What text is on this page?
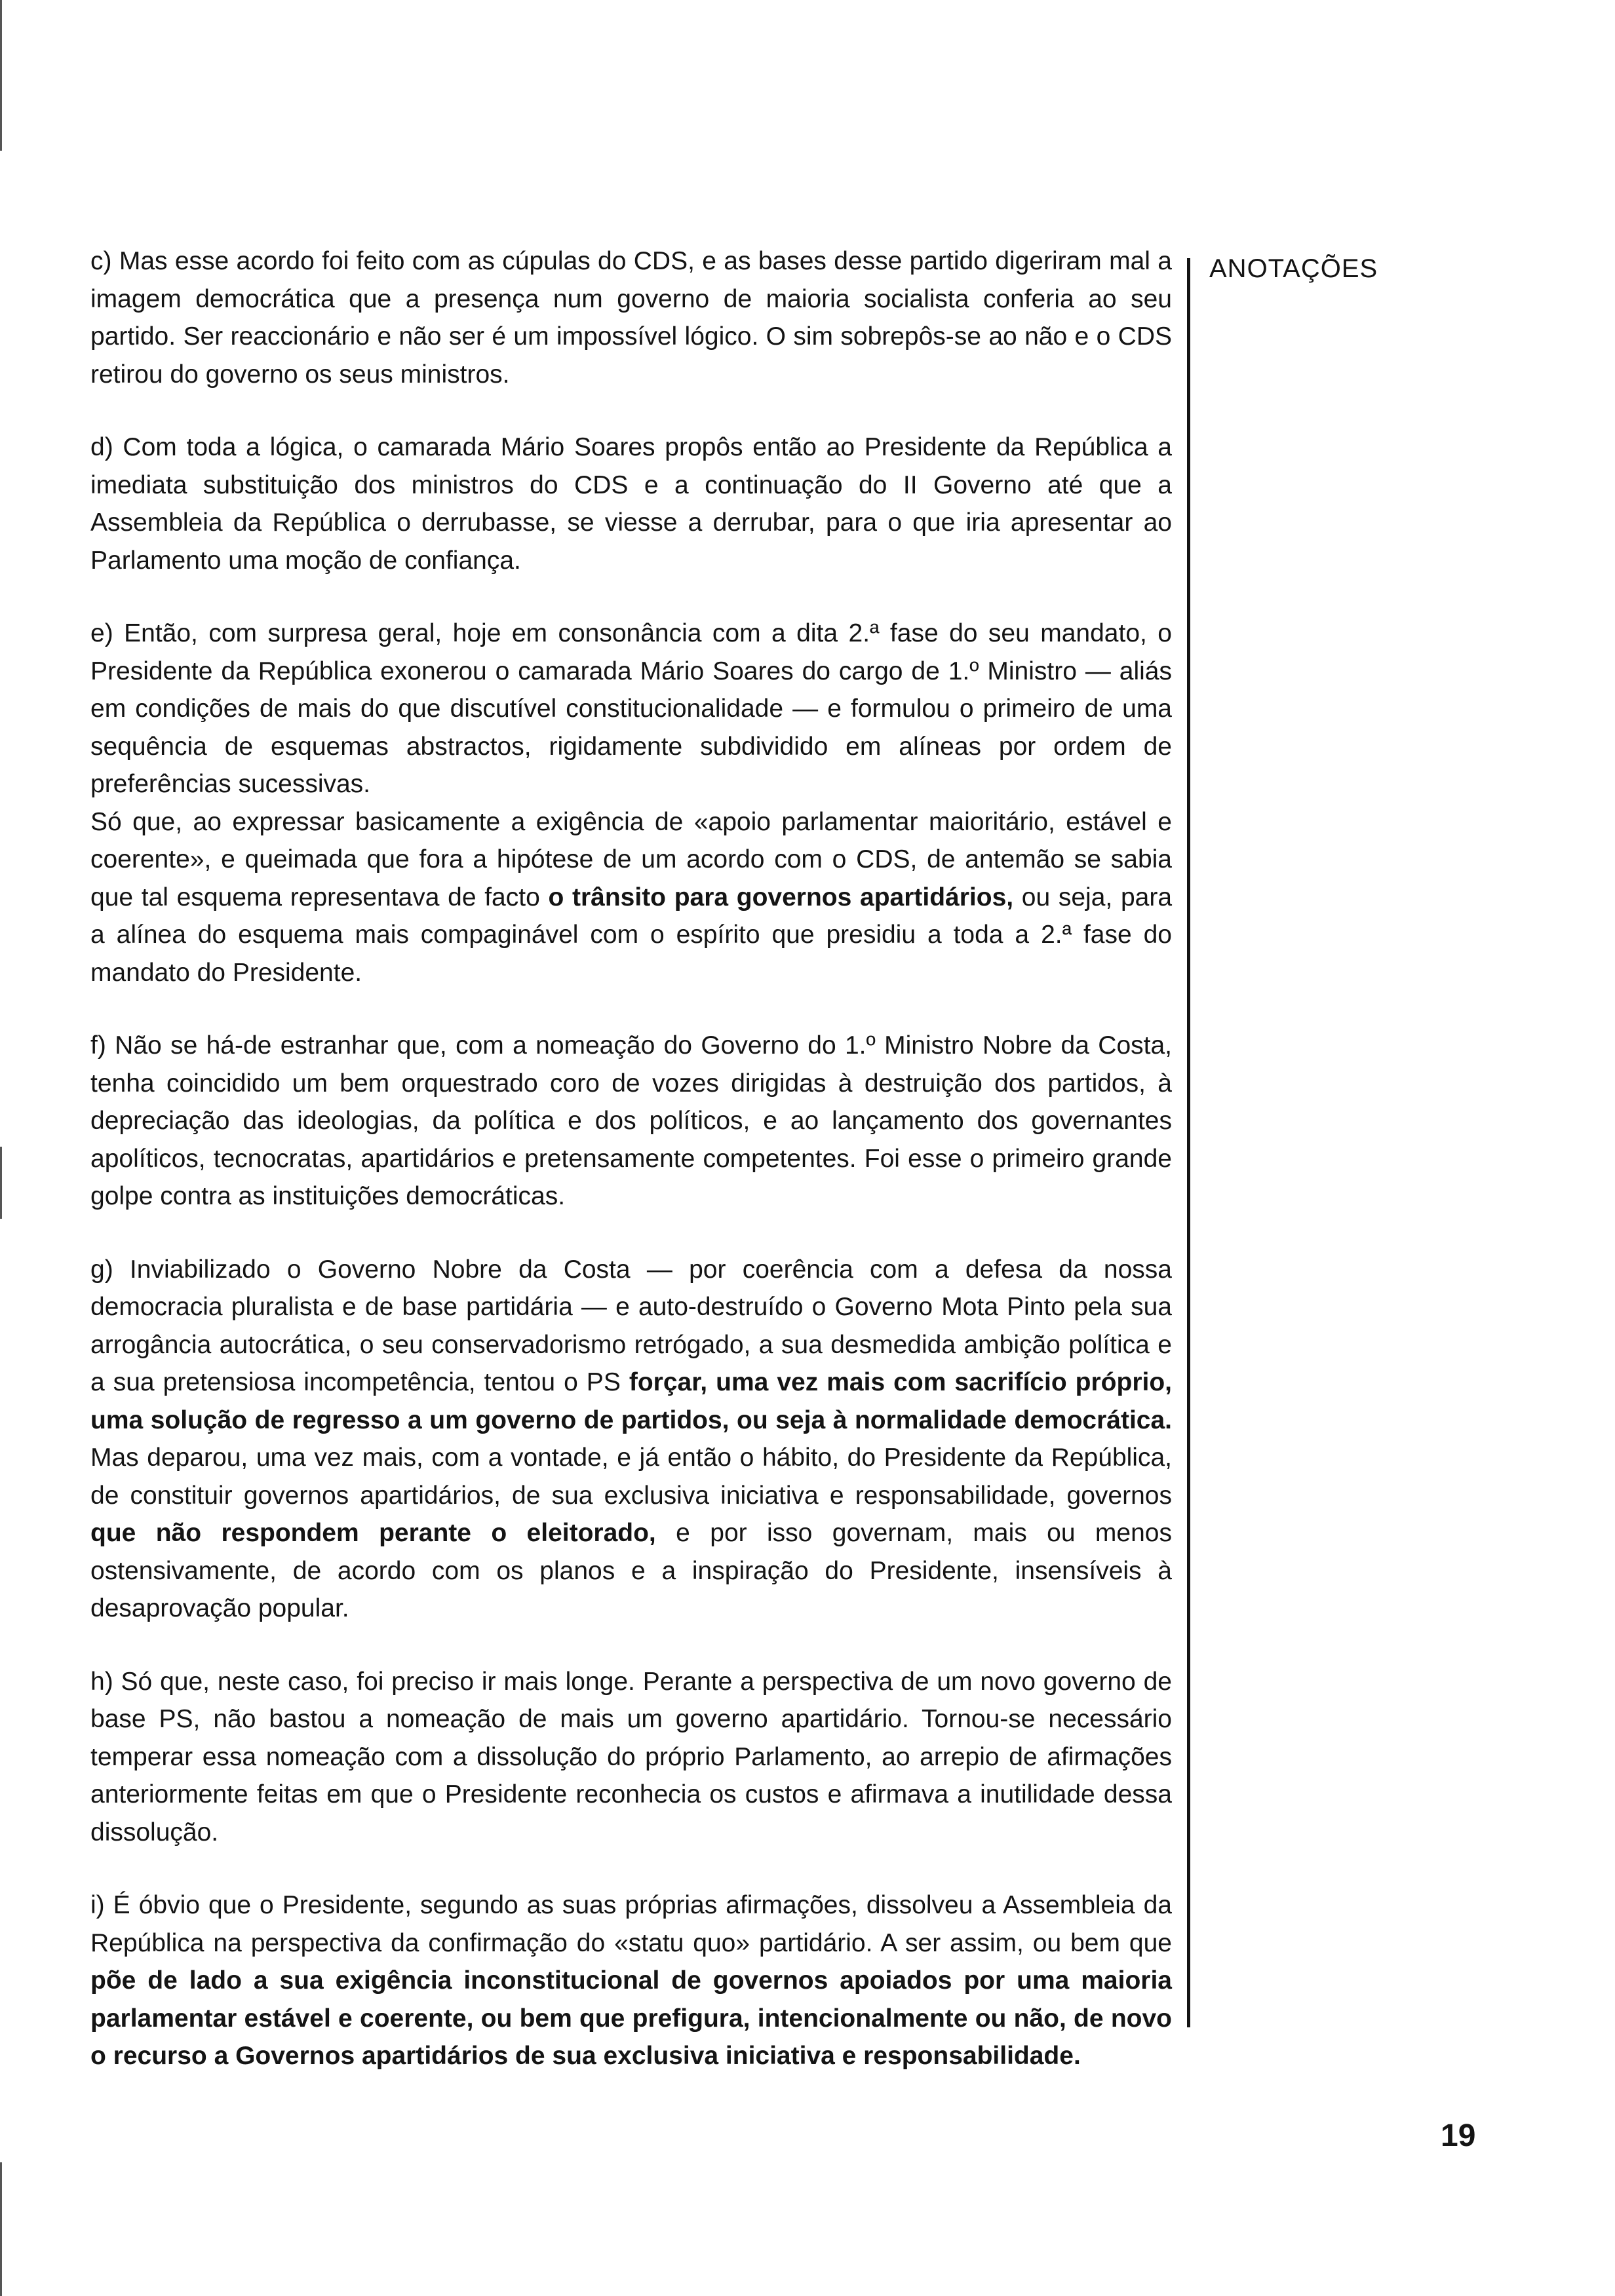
c) Mas esse acordo foi feito com as cúpulas do CDS, e as bases desse partido digeriram mal a imagem democrática que a presença num governo de maioria socialista conferia ao seu partido. Ser reaccionário e não ser é um impossível lógico. O sim sobrepôs-se ao não e o CDS retirou do governo os seus ministros.

d) Com toda a lógica, o camarada Mário Soares propôs então ao Presidente da República a imediata substituição dos ministros do CDS e a continuação do II Governo até que a Assembleia da República o derrubasse, se viesse a derrubar, para o que iria apresentar ao Parlamento uma moção de confiança.

e) Então, com surpresa geral, hoje em consonância com a dita 2.ª fase do seu mandato, o Presidente da República exonerou o camarada Mário Soares do cargo de 1.º Ministro — aliás em condições de mais do que discutível constitucionalidade — e formulou o primeiro de uma sequência de esquemas abstractos, rigidamente subdividido em alíneas por ordem de preferências sucessivas.

Só que, ao expressar basicamente a exigência de «apoio parlamentar maioritário, estável e coerente», e queimada que fora a hipótese de um acordo com o CDS, de antemão se sabia que tal esquema representava de facto o trânsito para governos apartidários, ou seja, para a alínea do esquema mais compaginável com o espírito que presidiu a toda a 2.ª fase do mandato do Presidente.

f) Não se há-de estranhar que, com a nomeação do Governo do 1.º Ministro Nobre da Costa, tenha coincidido um bem orquestrado coro de vozes dirigidas à destruição dos partidos, à depreciação das ideologias, da política e dos políticos, e ao lançamento dos governantes apolíticos, tecnocratas, apartidários e pretensamente competentes. Foi esse o primeiro grande golpe contra as instituições democráticas.

g) Inviabilizado o Governo Nobre da Costa — por coerência com a defesa da nossa democracia pluralista e de base partidária — e auto-destruído o Governo Mota Pinto pela sua arrogância autocrática, o seu conservadorismo retrógado, a sua desmedida ambição política e a sua pretensiosa incompetência, tentou o PS forçar, uma vez mais com sacrifício próprio, uma solução de regresso a um governo de partidos, ou seja à normalidade democrática. Mas deparou, uma vez mais, com a vontade, e já então o hábito, do Presidente da República, de constituir governos apartidários, de sua exclusiva iniciativa e responsabilidade, governos que não respondem perante o eleitorado, e por isso governam, mais ou menos ostensivamente, de acordo com os planos e a inspiração do Presidente, insensíveis à desaprovação popular.

h) Só que, neste caso, foi preciso ir mais longe. Perante a perspectiva de um novo governo de base PS, não bastou a nomeação de mais um governo apartidário. Tornou-se necessário temperar essa nomeação com a dissolução do próprio Parlamento, ao arrepio de afirmações anteriormente feitas em que o Presidente reconhecia os custos e afirmava a inutilidade dessa dissolução.

i) É óbvio que o Presidente, segundo as suas próprias afirmações, dissolveu a Assembleia da República na perspectiva da confirmação do «statu quo» partidário. A ser assim, ou bem que põe de lado a sua exigência inconstitucional de governos apoiados por uma maioria parlamentar estável e coerente, ou bem que prefigura, intencionalmente ou não, de novo o recurso a Governos apartidários de sua exclusiva iniciativa e responsabilidade.

ANOTAÇÕES
19
